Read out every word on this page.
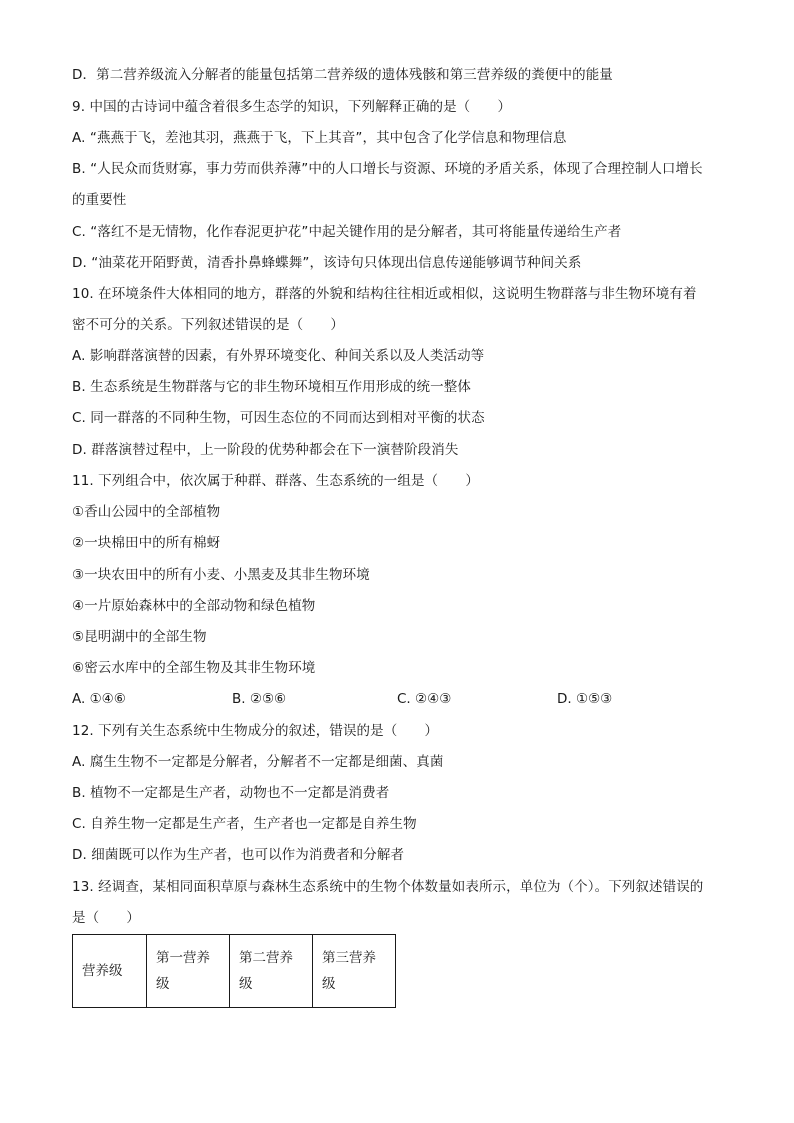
D．第二营养级流入分解者的能量包括第二营养级的遗体残骸和第三营养级的粪便中的能量
9. 中国的古诗词中蕴含着很多生态学的知识，下列解释正确的是（　　）
A. “燕燕于飞，差池其羽，燕燕于飞，下上其音”，其中包含了化学信息和物理信息
B. “人民众而货财寡，事力劳而供养薄”中的人口增长与资源、环境的矛盾关系，体现了合理控制人口增长
的重要性
C. “落红不是无情物，化作春泥更护花”中起关键作用的是分解者，其可将能量传递给生产者
D. “油菜花开陌野黄，清香扑鼻蜂蝶舞”，该诗句只体现出信息传递能够调节种间关系
10. 在环境条件大体相同的地方，群落的外貌和结构往往相近或相似，这说明生物群落与非生物环境有着
密不可分的关系。下列叙述错误的是（　　）
A. 影响群落演替的因素，有外界环境变化、种间关系以及人类活动等
B. 生态系统是生物群落与它的非生物环境相互作用形成的统一整体
C. 同一群落的不同种生物，可因生态位的不同而达到相对平衡的状态
D. 群落演替过程中，上一阶段的优势种都会在下一演替阶段消失
11. 下列组合中，依次属于种群、群落、生态系统的一组是（　　）
①香山公园中的全部植物
②一块棉田中的所有棉蚜
③一块农田中的所有小麦、小黑麦及其非生物环境
④一片原始森林中的全部动物和绿色植物
⑤昆明湖中的全部生物
⑥密云水库中的全部生物及其非生物环境
A. ①④⑥	B. ②⑤⑥	C. ②④③	D. ①⑤③
12. 下列有关生态系统中生物成分的叙述，错误的是（　　）
A. 腐生生物不一定都是分解者，分解者不一定都是细菌、真菌
B. 植物不一定都是生产者，动物也不一定都是消费者
C. 自养生物一定都是生产者，生产者也一定都是自养生物
D. 细菌既可以作为生产者，也可以作为消费者和分解者
13. 经调查，某相同面积草原与森林生态系统中的生物个体数量如表所示，单位为（个）。下列叙述错误的
是（　　）
营养级	第一营养级	第二营养级	第三营养级
